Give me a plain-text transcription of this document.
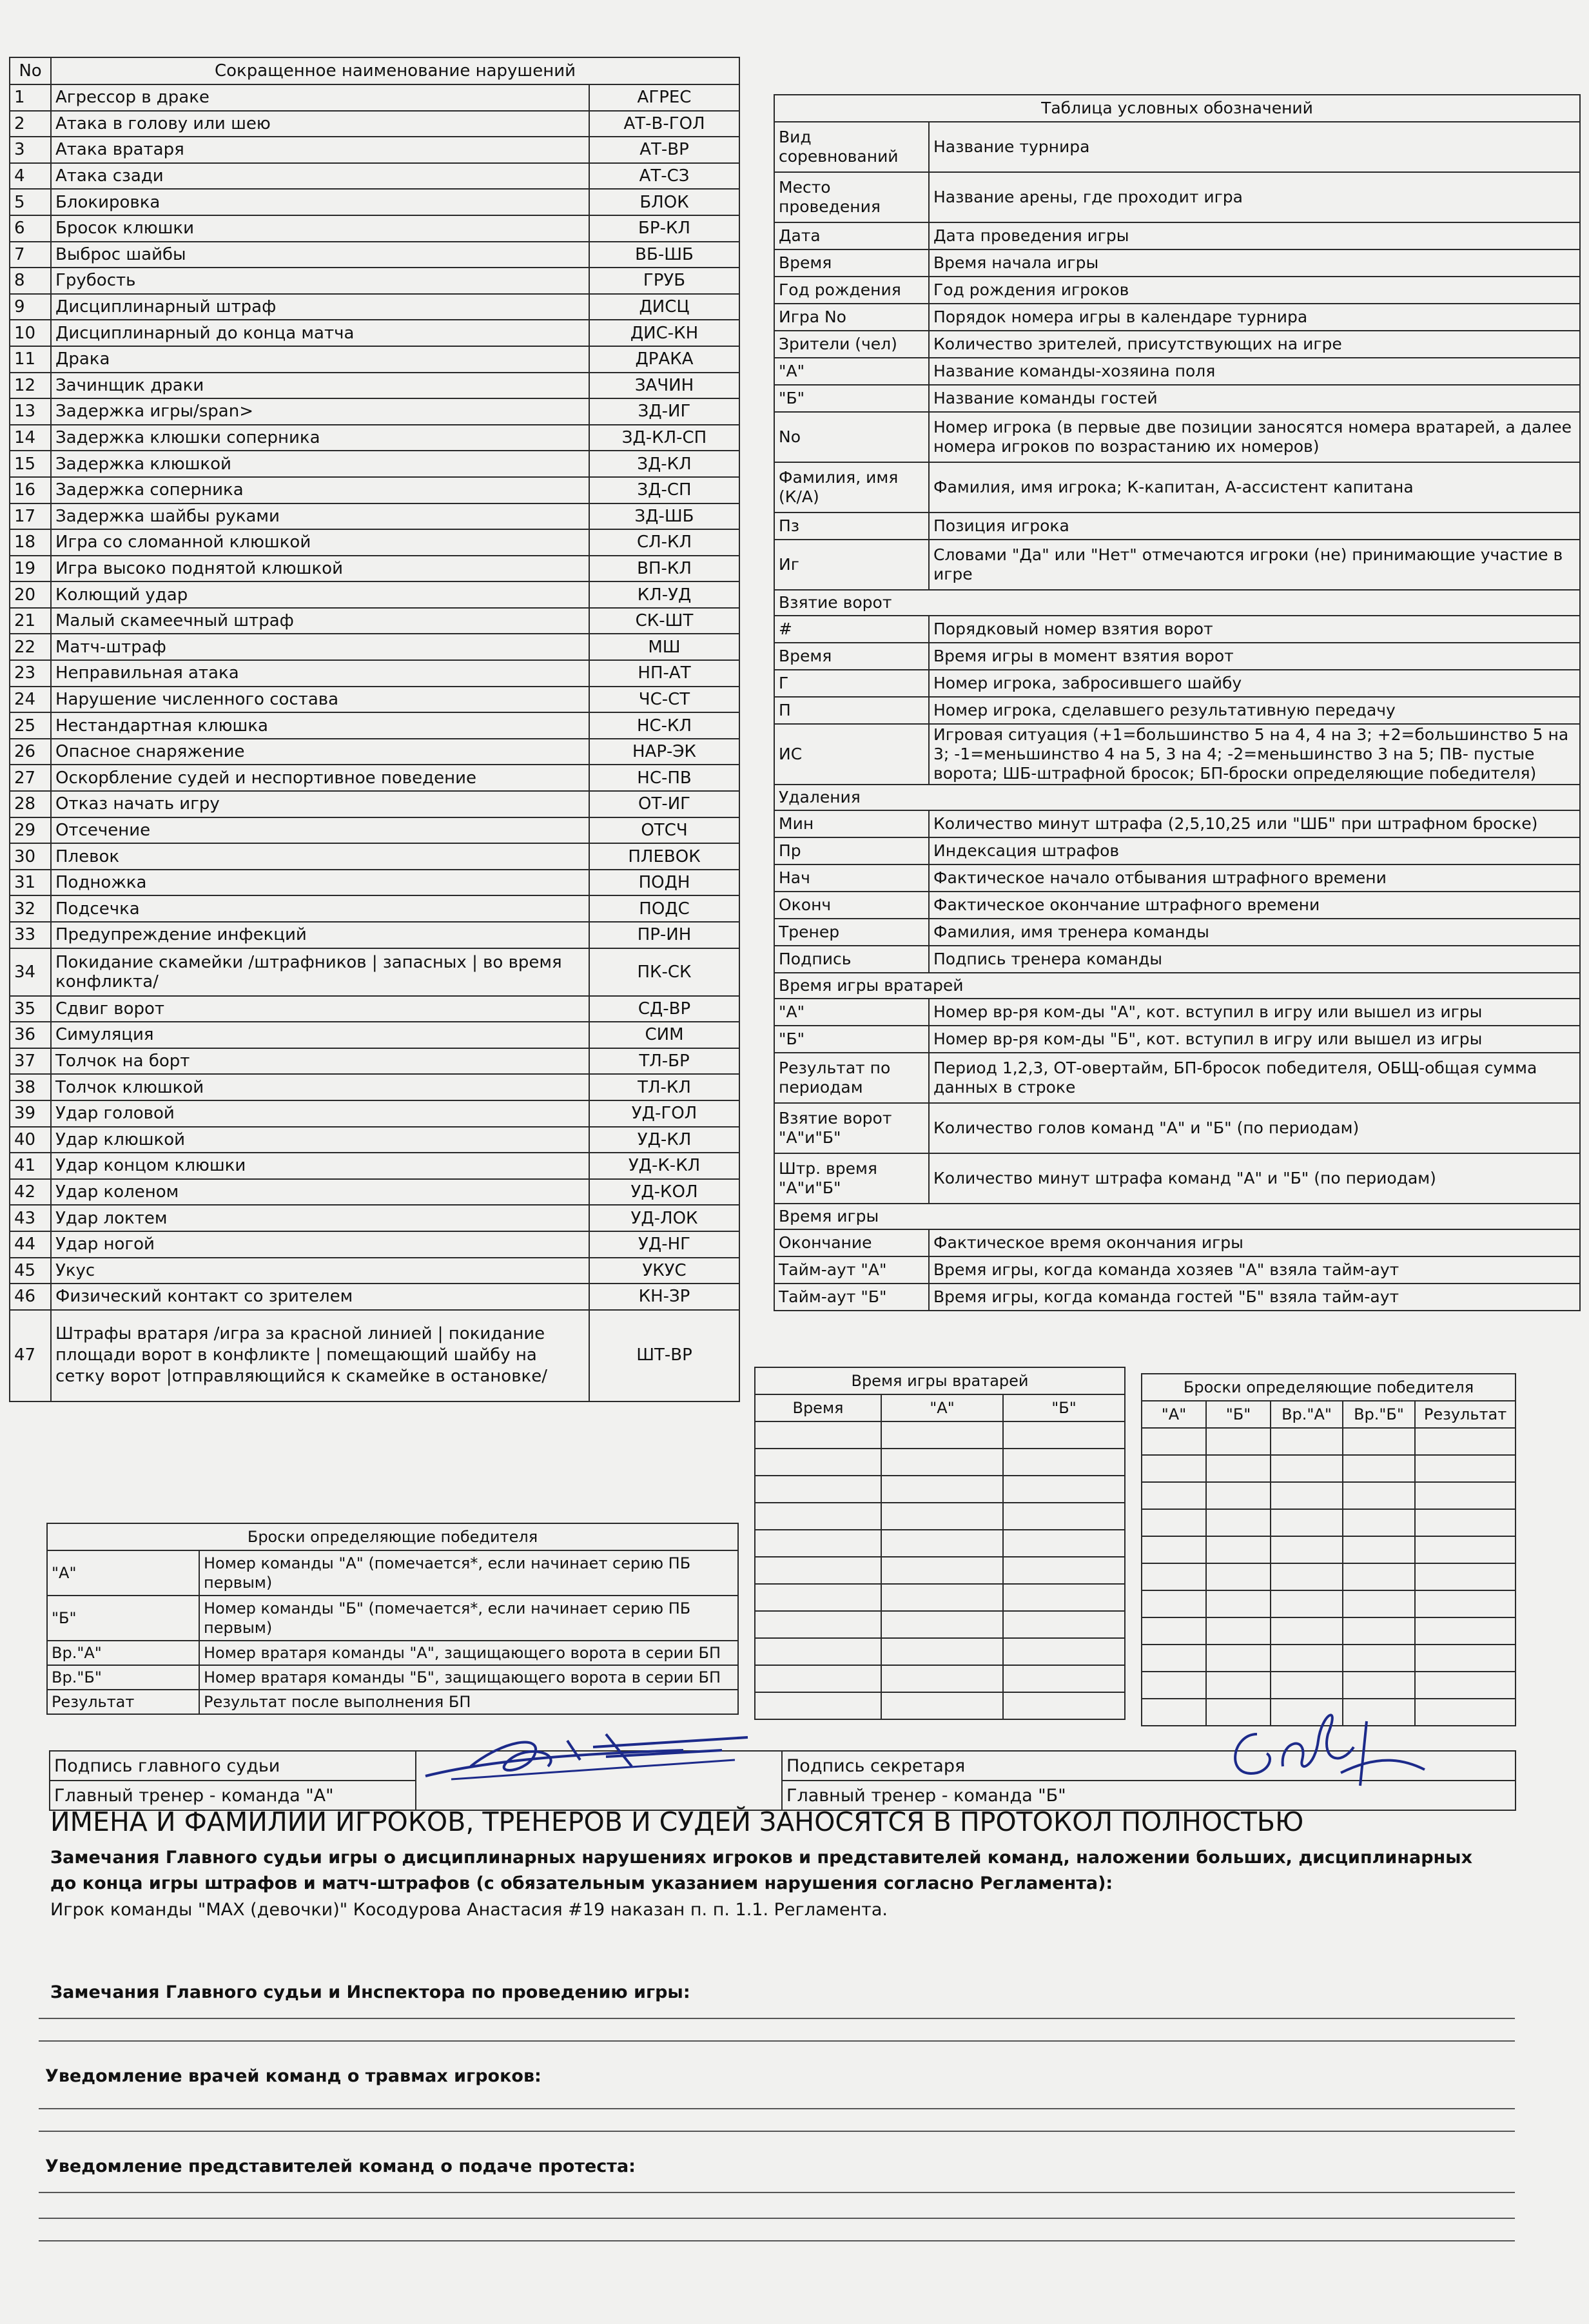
No	Сокращенное наименование нарушений	
1	Агрессор в драке	АГРЕС
2	Атака в голову или шею	АТ-В-ГОЛ
3	Атака вратаря	АТ-ВР
4	Атака сзади	АТ-СЗ
5	Блокировка	БЛОК
6	Бросок клюшки	БР-КЛ
7	Выброс шайбы	ВБ-ШБ
8	Грубость	ГРУБ
9	Дисциплинарный штраф	ДИСЦ
10	Дисциплинарный до конца матча	ДИС-КН
11	Драка	ДРАКА
12	Зачинщик драки	ЗАЧИН
13	Задержка игры/span>	ЗД-ИГ
14	Задержка клюшки соперника	ЗД-КЛ-СП
15	Задержка клюшкой	ЗД-КЛ
16	Задержка соперника	ЗД-СП
17	Задержка шайбы руками	ЗД-ШБ
18	Игра со сломанной клюшкой	СЛ-КЛ
19	Игра высоко поднятой клюшкой	ВП-КЛ
20	Колющий удар	КЛ-УД
21	Малый скамеечный штраф	СК-ШТ
22	Матч-штраф	МШ
23	Неправильная атака	НП-АТ
24	Нарушение численного состава	ЧС-СТ
25	Нестандартная клюшка	НС-КЛ
26	Опасное снаряжение	НАР-ЭК
27	Оскорбление судей и неспортивное поведение	НС-ПВ
28	Отказ начать игру	ОТ-ИГ
29	Отсечение	ОТСЧ
30	Плевок	ПЛЕВОК
31	Подножка	ПОДН
32	Подсечка	ПОДС
33	Предупреждение инфекций	ПР-ИН
34	Покидание скамейки /штрафников | запасных | во время конфликта/	ПК-СК
35	Сдвиг ворот	СД-ВР
36	Симуляция	СИМ
37	Толчок на борт	ТЛ-БР
38	Толчок клюшкой	ТЛ-КЛ
39	Удар головой	УД-ГОЛ
40	Удар клюшкой	УД-КЛ
41	Удар концом клюшки	УД-К-КЛ
42	Удар коленом	УД-КОЛ
43	Удар локтем	УД-ЛОК
44	Удар ногой	УД-НГ
45	Укус	УКУС
46	Физический контакт со зрителем	КН-ЗР
47	Штрафы вратаря /игра за красной линией | покидание площади ворот в конфликте | помещающий шайбу на сетку ворот |отправляющийся к скамейке в остановке/	ШТ-ВР
Таблица условных обозначений	
Вид соревнований	Название турнира
Место проведения	Название арены, где проходит игра
Дата	Дата проведения игры
Время	Время начала игры
Год рождения	Год рождения игроков
Игра No	Порядок номера игры в календаре турнира
Зрители (чел)	Количество зрителей, присутствующих на игре
"А"	Название команды-хозяина поля
"Б"	Название команды гостей
No	Номер игрока (в первые две позиции заносятся номера вратарей, а далее номера игроков по возрастанию их номеров)
Фамилия, имя (К/А)	Фамилия, имя игрока; К-капитан, А-ассистент капитана
Пз	Позиция игрока
Иг	Словами "Да" или "Нет" отмечаются игроки (не) принимающие участие в игре
Взятие ворот	
#	Порядковый номер взятия ворот
Время	Время игры в момент взятия ворот
Г	Номер игрока, забросившего шайбу
П	Номер игрока, сделавшего результативную передачу
ИС	Игровая ситуация (+1=большинство 5 на 4, 4 на 3; +2=большинство 5 на 3; -1=меньшинство 4 на 5, 3 на 4; -2=меньшинство 3 на 5; ПВ- пустые ворота; ШБ-штрафной бросок; БП-броски определяющие победителя)
Удаления	
Мин	Количество минут штрафа (2,5,10,25 или "ШБ" при штрафном броске)
Пр	Индексация штрафов
Нач	Фактическое начало отбывания штрафного времени
Оконч	Фактическое окончание штрафного времени
Тренер	Фамилия, имя тренера команды
Подпись	Подпись тренера команды
Время игры вратарей	
"А"	Номер вр-ря ком-ды "А", кот. вступил в игру или вышел из игры
"Б"	Номер вр-ря ком-ды "Б", кот. вступил в игру или вышел из игры
Результат по периодам	Период 1,2,3, ОТ-овертайм, БП-бросок победителя, ОБЩ-общая сумма данных в строке
Взятие ворот "А"и"Б"	Количество голов команд "А" и "Б" (по периодам)
Штр. время "А"и"Б"	Количество минут штрафа команд "А" и "Б" (по периодам)
Время игры	
Окончание	Фактическое время окончания игры
Тайм-аут "А"	Время игры, когда команда хозяев "А" взяла тайм-аут
Тайм-аут "Б"	Время игры, когда команда гостей "Б" взяла тайм-аут
Время игры вратарей		
Время	"А"	"Б"

Броски определяющие победителя				
"А"	"Б"	Вр."А"	Вр."Б"	Результат

Броски определяющие победителя	
"А"	Номер команды "А" (помечается*, если начинает серию ПБ первым)
"Б"	Номер команды "Б" (помечается*, если начинает серию ПБ первым)
Вр."А"	Номер вратаря команды "А", защищающего ворота в серии БП
Вр."Б"	Номер вратаря команды "Б", защищающего ворота в серии БП
Результат	Результат после выполнения БП
Подпись главного судьи		Подпись секретаря
Главный тренер - команда "А"		Главный тренер - команда "Б"
ИМЕНА И ФАМИЛИИ ИГРОКОВ, ТРЕНЕРОВ И СУДЕЙ ЗАНОСЯТСЯ В ПРОТОКОЛ ПОЛНОСТЬЮ
Замечания Главного судьи игры о дисциплинарных нарушениях игроков и представителей команд, наложении больших, дисциплинарных
до конца игры штрафов и матч-штрафов (с обязательным указанием нарушения согласно Регламента):
Игрок команды "МАХ (девочки)" Косодурова Анастасия #19 наказан п. п. 1.1. Регламента.
Замечания Главного судьи и Инспектора по проведению игры:
Уведомление врачей команд о травмах игроков:
Уведомление представителей команд о подаче протеста:
